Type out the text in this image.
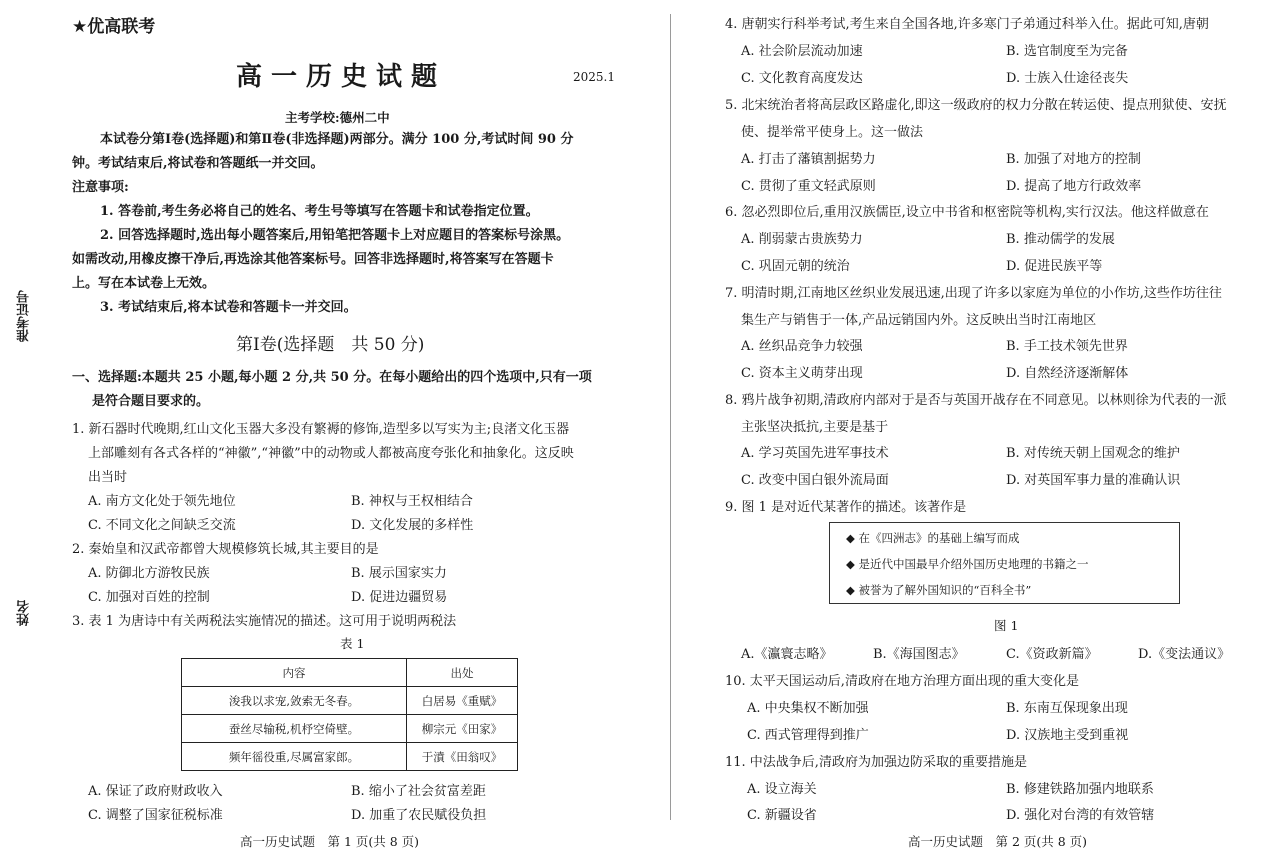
准考证号
姓名
★优高联考
高一历史试题	2025.1
主考学校:德州二中
本试卷分第Ⅰ卷(选择题)和第Ⅱ卷(非选择题)两部分。满分 100 分,考试时间 90 分
钟。考试结束后,将试卷和答题纸一并交回。
注意事项:
1. 答卷前,考生务必将自己的姓名、考生号等填写在答题卡和试卷指定位置。
2. 回答选择题时,选出每小题答案后,用铅笔把答题卡上对应题目的答案标号涂黑。
如需改动,用橡皮擦干净后,再选涂其他答案标号。回答非选择题时,将答案写在答题卡
上。写在本试卷上无效。
3. 考试结束后,将本试卷和答题卡一并交回。
第Ⅰ卷(选择题　共 50 分)
一、选择题:本题共 25 小题,每小题 2 分,共 50 分。在每小题给出的四个选项中,只有一项
是符合题目要求的。
1. 新石器时代晚期,红山文化玉器大多没有繁褥的修饰,造型多以写实为主;良渚文化玉器
上部雕刻有各式各样的“神徽”,“神徽”中的动物或人都被高度夸张化和抽象化。这反映
出当时
A. 南方文化处于领先地位	B. 神权与王权相结合
C. 不同文化之间缺乏交流	D. 文化发展的多样性
2. 秦始皇和汉武帝都曾大规模修筑长城,其主要目的是
A. 防御北方游牧民族	B. 展示国家实力
C. 加强对百姓的控制	D. 促进边疆贸易
3. 表 1 为唐诗中有关两税法实施情况的描述。这可用于说明两税法
表 1
内容	出处
浚我以求宠,敛索无冬春。	白居易《重赋》
蚕丝尽输税,机杼空倚壁。	柳宗元《田家》
频年徭役重,尽属富家郎。	于濆《田翁叹》
A. 保证了政府财政收入	B. 缩小了社会贫富差距
C. 调整了国家征税标准	D. 加重了农民赋役负担
高一历史试题　第 1 页(共 8 页)
4. 唐朝实行科举考试,考生来自全国各地,许多寒门子弟通过科举入仕。据此可知,唐朝
A. 社会阶层流动加速	B. 选官制度至为完备
C. 文化教育高度发达	D. 士族入仕途径丧失
5. 北宋统治者将高层政区路虚化,即这一级政府的权力分散在转运使、提点刑狱使、安抚
使、提举常平使身上。这一做法
A. 打击了藩镇割据势力	B. 加强了对地方的控制
C. 贯彻了重文轻武原则	D. 提高了地方行政效率
6. 忽必烈即位后,重用汉族儒臣,设立中书省和枢密院等机构,实行汉法。他这样做意在
A. 削弱蒙古贵族势力	B. 推动儒学的发展
C. 巩固元朝的统治	D. 促进民族平等
7. 明清时期,江南地区丝织业发展迅速,出现了许多以家庭为单位的小作坊,这些作坊往往
集生产与销售于一体,产品远销国内外。这反映出当时江南地区
A. 丝织品竞争力较强	B. 手工技术领先世界
C. 资本主义萌芽出现	D. 自然经济逐渐解体
8. 鸦片战争初期,清政府内部对于是否与英国开战存在不同意见。以林则徐为代表的一派
主张坚决抵抗,主要是基于
A. 学习英国先进军事技术	B. 对传统天朝上国观念的维护
C. 改变中国白银外流局面	D. 对英国军事力量的准确认识
9. 图 1 是对近代某著作的描述。该著作是
◆ 在《四洲志》的基础上编写而成
◆ 是近代中国最早介绍外国历史地理的书籍之一
◆ 被誉为了解外国知识的“百科全书”
图 1
A.《瀛寰志略》	B.《海国图志》	C.《资政新篇》	D.《变法通议》
10. 太平天国运动后,清政府在地方治理方面出现的重大变化是
A. 中央集权不断加强	B. 东南互保现象出现
C. 西式管理得到推广	D. 汉族地主受到重视
11. 中法战争后,清政府为加强边防采取的重要措施是
A. 设立海关	B. 修建铁路加强内地联系
C. 新疆设省	D. 强化对台湾的有效管辖
高一历史试题　第 2 页(共 8 页)
